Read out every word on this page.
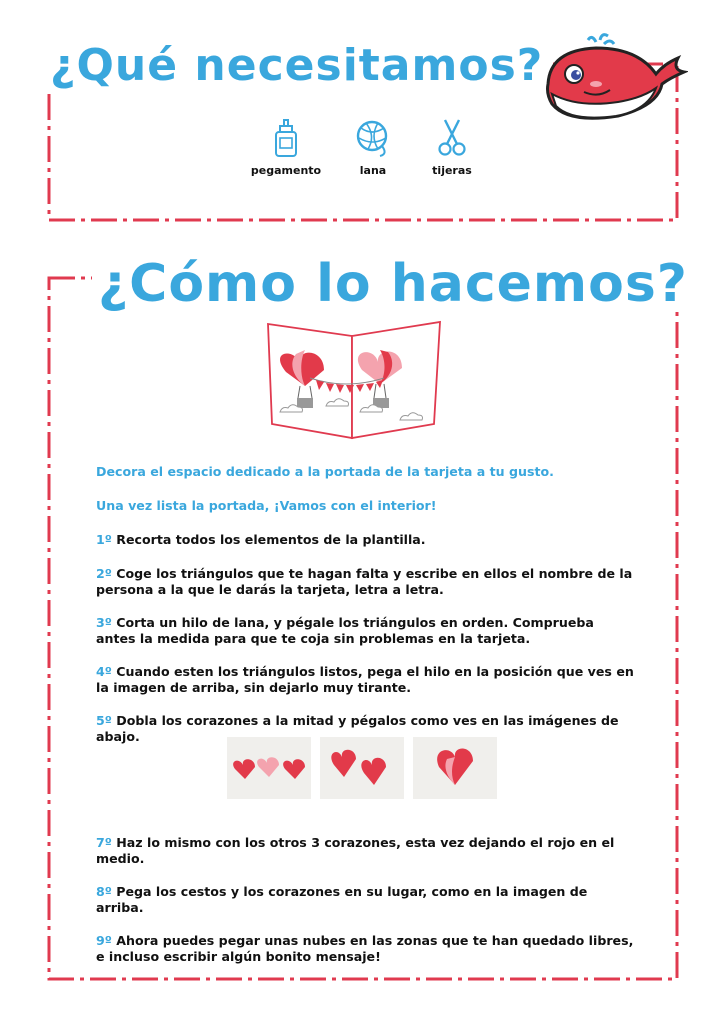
¿Qué necesitamos?
pegamento	lana	tijeras
¿Cómo lo hacemos?

Decora el espacio dedicado a la portada de la tarjeta a tu gusto.

Una vez lista la portada, ¡Vamos con el interior!

1º Recorta todos los elementos de la plantilla.

2º Coge los triángulos que te hagan falta y escribe en ellos el nombre de la persona a la que le darás la tarjeta, letra a letra.

3º Corta un hilo de lana, y pégale los triángulos en orden. Comprueba antes la medida para que te coja sin problemas en la tarjeta.

4º Cuando esten los triángulos listos, pega el hilo en la posición que ves en la imagen de arriba, sin dejarlo muy tirante.

5º Dobla los corazones a la mitad y pégalos como ves en las imágenes de abajo.

7º Haz lo mismo con los otros 3 corazones, esta vez dejando el rojo en el medio.

8º Pega los cestos y los corazones en su lugar, como en la imagen de arriba.

9º Ahora puedes pegar unas nubes en las zonas que te han quedado libres, e incluso escribir algún bonito mensaje!
